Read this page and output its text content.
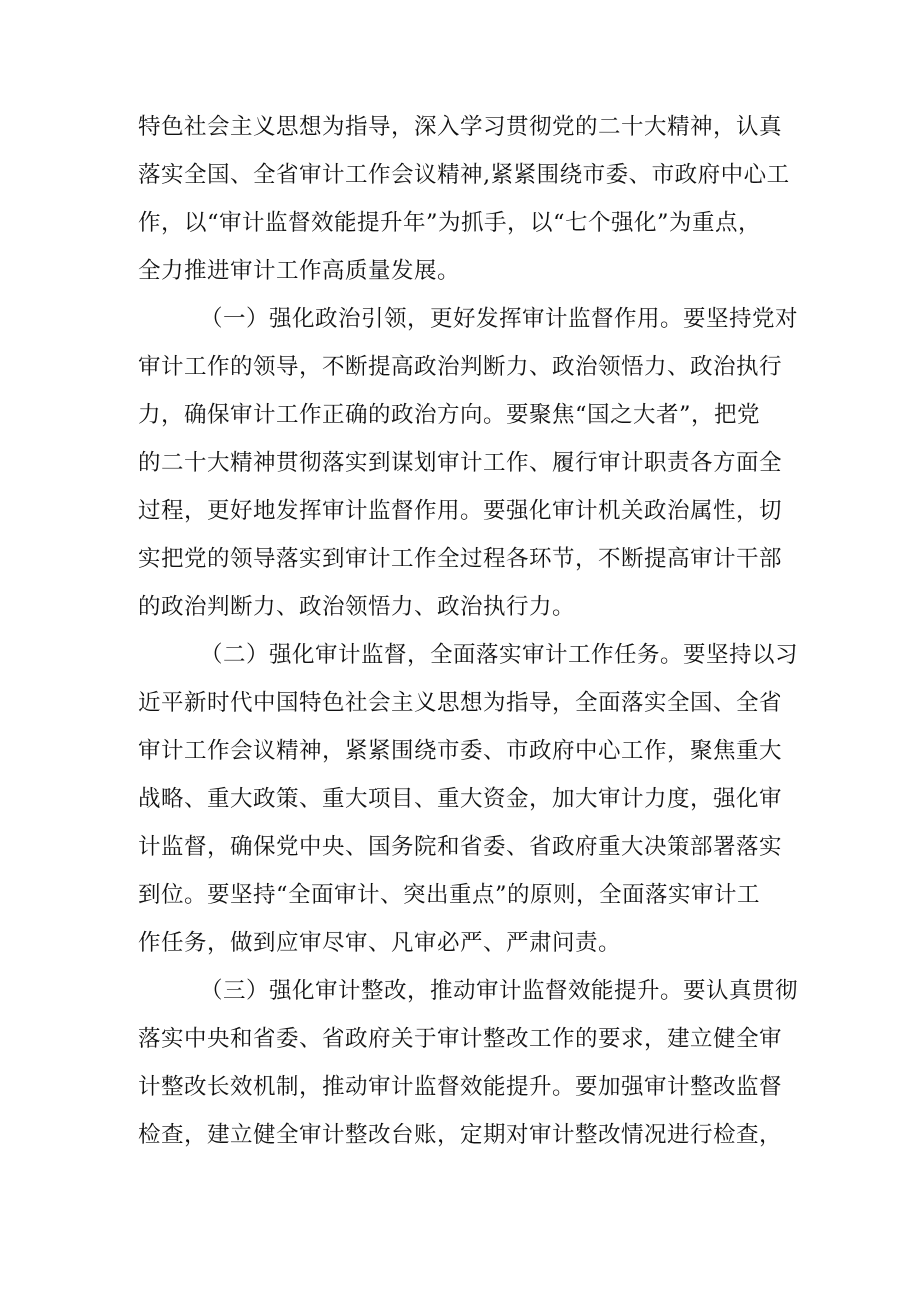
特色社会主义思想为指导，深入学习贯彻党的二十大精神，认真

落实全国、全省审计工作会议精神,紧紧围绕市委、市政府中心工

作，以“审计监督效能提升年”为抓手，以“七个强化”为重点，

全力推进审计工作高质量发展。

（一）强化政治引领，更好发挥审计监督作用。要坚持党对

审计工作的领导，不断提高政治判断力、政治领悟力、政治执行

力，确保审计工作正确的政治方向。要聚焦“国之大者”，把党

的二十大精神贯彻落实到谋划审计工作、履行审计职责各方面全

过程，更好地发挥审计监督作用。要强化审计机关政治属性，切

实把党的领导落实到审计工作全过程各环节，不断提高审计干部

的政治判断力、政治领悟力、政治执行力。

（二）强化审计监督，全面落实审计工作任务。要坚持以习

近平新时代中国特色社会主义思想为指导，全面落实全国、全省

审计工作会议精神，紧紧围绕市委、市政府中心工作，聚焦重大

战略、重大政策、重大项目、重大资金，加大审计力度，强化审

计监督，确保党中央、国务院和省委、省政府重大决策部署落实

到位。要坚持“全面审计、突出重点”的原则，全面落实审计工

作任务，做到应审尽审、凡审必严、严肃问责。

（三）强化审计整改，推动审计监督效能提升。要认真贯彻

落实中央和省委、省政府关于审计整改工作的要求，建立健全审

计整改长效机制，推动审计监督效能提升。要加强审计整改监督

检查，建立健全审计整改台账，定期对审计整改情况进行检查，
